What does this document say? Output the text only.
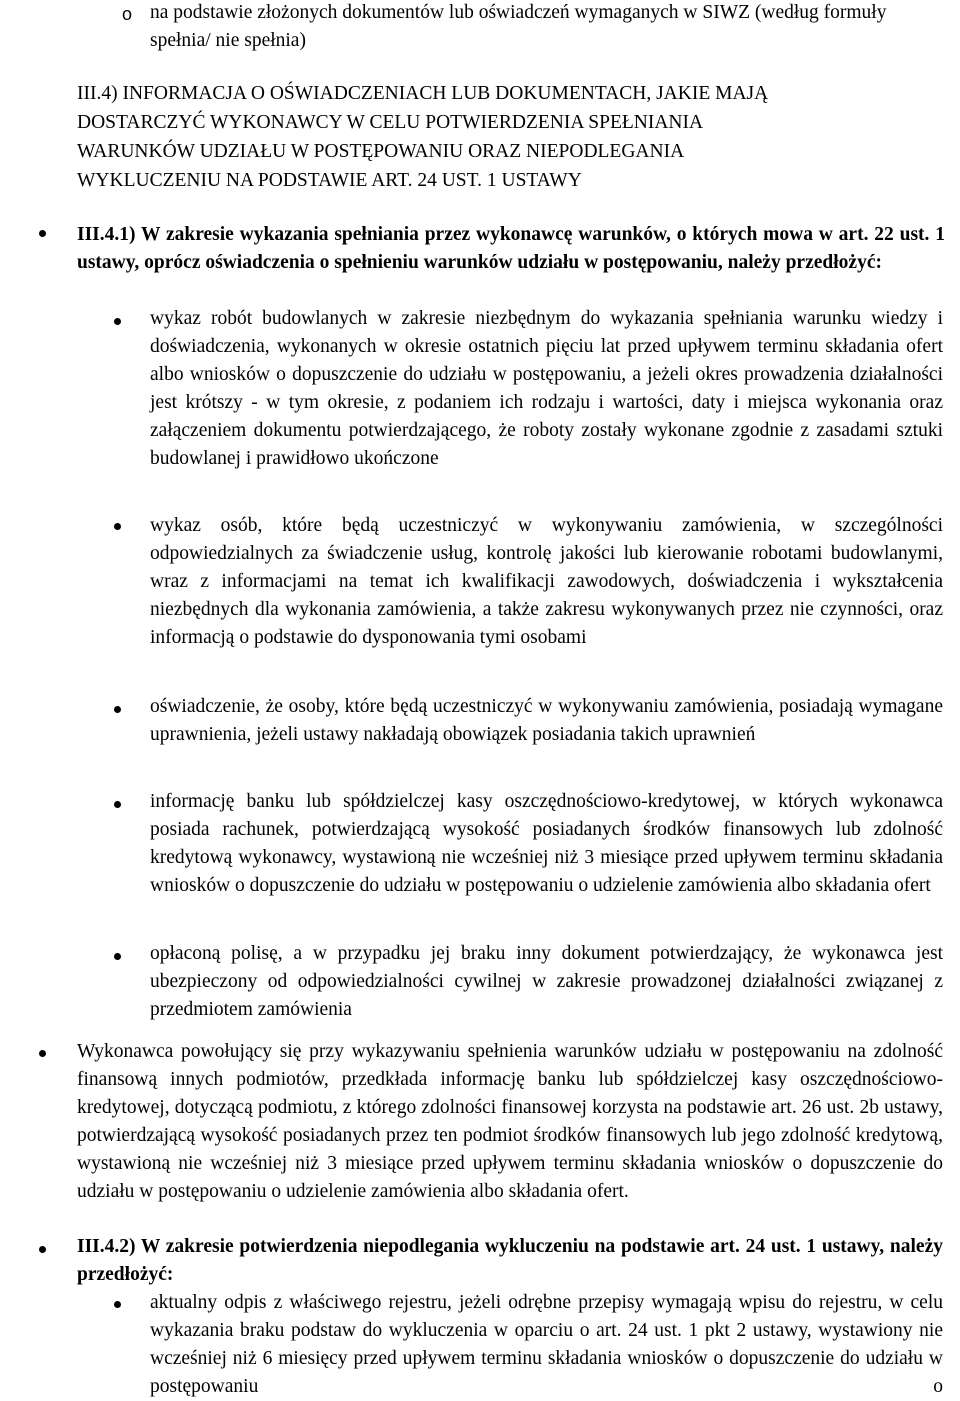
o na podstawie złożonych dokumentów lub oświadczeń wymaganych w SIWZ (według formuły spełnia/ nie spełnia)
III.4) INFORMACJA O OŚWIADCZENIACH LUB DOKUMENTACH, JAKIE MAJĄ
DOSTARCZYĆ WYKONAWCY W CELU POTWIERDZENIA SPEŁNIANIA
WARUNKÓW UDZIAŁU W POSTĘPOWANIU ORAZ NIEPODLEGANIA
WYKLUCZENIU NA PODSTAWIE ART. 24 UST. 1 USTAWY
III.4.1) W zakresie wykazania spełniania przez wykonawcę warunków, o których mowa w art. 22 ust. 1 ustawy, oprócz oświadczenia o spełnieniu warunków udziału w postępowaniu, należy przedłożyć:
wykaz robót budowlanych w zakresie niezbędnym do wykazania spełniania warunku wiedzy i doświadczenia, wykonanych w okresie ostatnich pięciu lat przed upływem terminu składania ofert albo wniosków o dopuszczenie do udziału w postępowaniu, a jeżeli okres prowadzenia działalności jest krótszy - w tym okresie, z podaniem ich rodzaju i wartości, daty i miejsca wykonania oraz załączeniem dokumentu potwierdzającego, że roboty zostały wykonane zgodnie z zasadami sztuki budowlanej i prawidłowo ukończone
wykaz osób, które będą uczestniczyć w wykonywaniu zamówienia, w szczególności odpowiedzialnych za świadczenie usług, kontrolę jakości lub kierowanie robotami budowlanymi, wraz z informacjami na temat ich kwalifikacji zawodowych, doświadczenia i wykształcenia niezbędnych dla wykonania zamówienia, a także zakresu wykonywanych przez nie czynności, oraz informacją o podstawie do dysponowania tymi osobami
oświadczenie, że osoby, które będą uczestniczyć w wykonywaniu zamówienia, posiadają wymagane uprawnienia, jeżeli ustawy nakładają obowiązek posiadania takich uprawnień
informację banku lub spółdzielczej kasy oszczędnościowo-kredytowej, w których wykonawca posiada rachunek, potwierdzającą wysokość posiadanych środków finansowych lub zdolność kredytową wykonawcy, wystawioną nie wcześniej niż 3 miesiące przed upływem terminu składania wniosków o dopuszczenie do udziału w postępowaniu o udzielenie zamówienia albo składania ofert
opłaconą polisę, a w przypadku jej braku inny dokument potwierdzający, że wykonawca jest ubezpieczony od odpowiedzialności cywilnej w zakresie prowadzonej działalności związanej z przedmiotem zamówienia
Wykonawca powołujący się przy wykazywaniu spełnienia warunków udziału w postępowaniu na zdolność finansową innych podmiotów, przedkłada informację banku lub spółdzielczej kasy oszczędnościowo-kredytowej, dotyczącą podmiotu, z którego zdolności finansowej korzysta na podstawie art. 26 ust. 2b ustawy, potwierdzającą wysokość posiadanych przez ten podmiot środków finansowych lub jego zdolność kredytową, wystawioną nie wcześniej niż 3 miesiące przed upływem terminu składania wniosków o dopuszczenie do udziału w postępowaniu o udzielenie zamówienia albo składania ofert.
III.4.2) W zakresie potwierdzenia niepodlegania wykluczeniu na podstawie art. 24 ust. 1 ustawy, należy przedłożyć:
aktualny odpis z właściwego rejestru, jeżeli odrębne przepisy wymagają wpisu do rejestru, w celu wykazania braku podstaw do wykluczenia w oparciu o art. 24 ust. 1 pkt 2 ustawy, wystawiony nie wcześniej niż 6 miesięcy przed upływem terminu składania wniosków o dopuszczenie do udziału w postępowaniu o
